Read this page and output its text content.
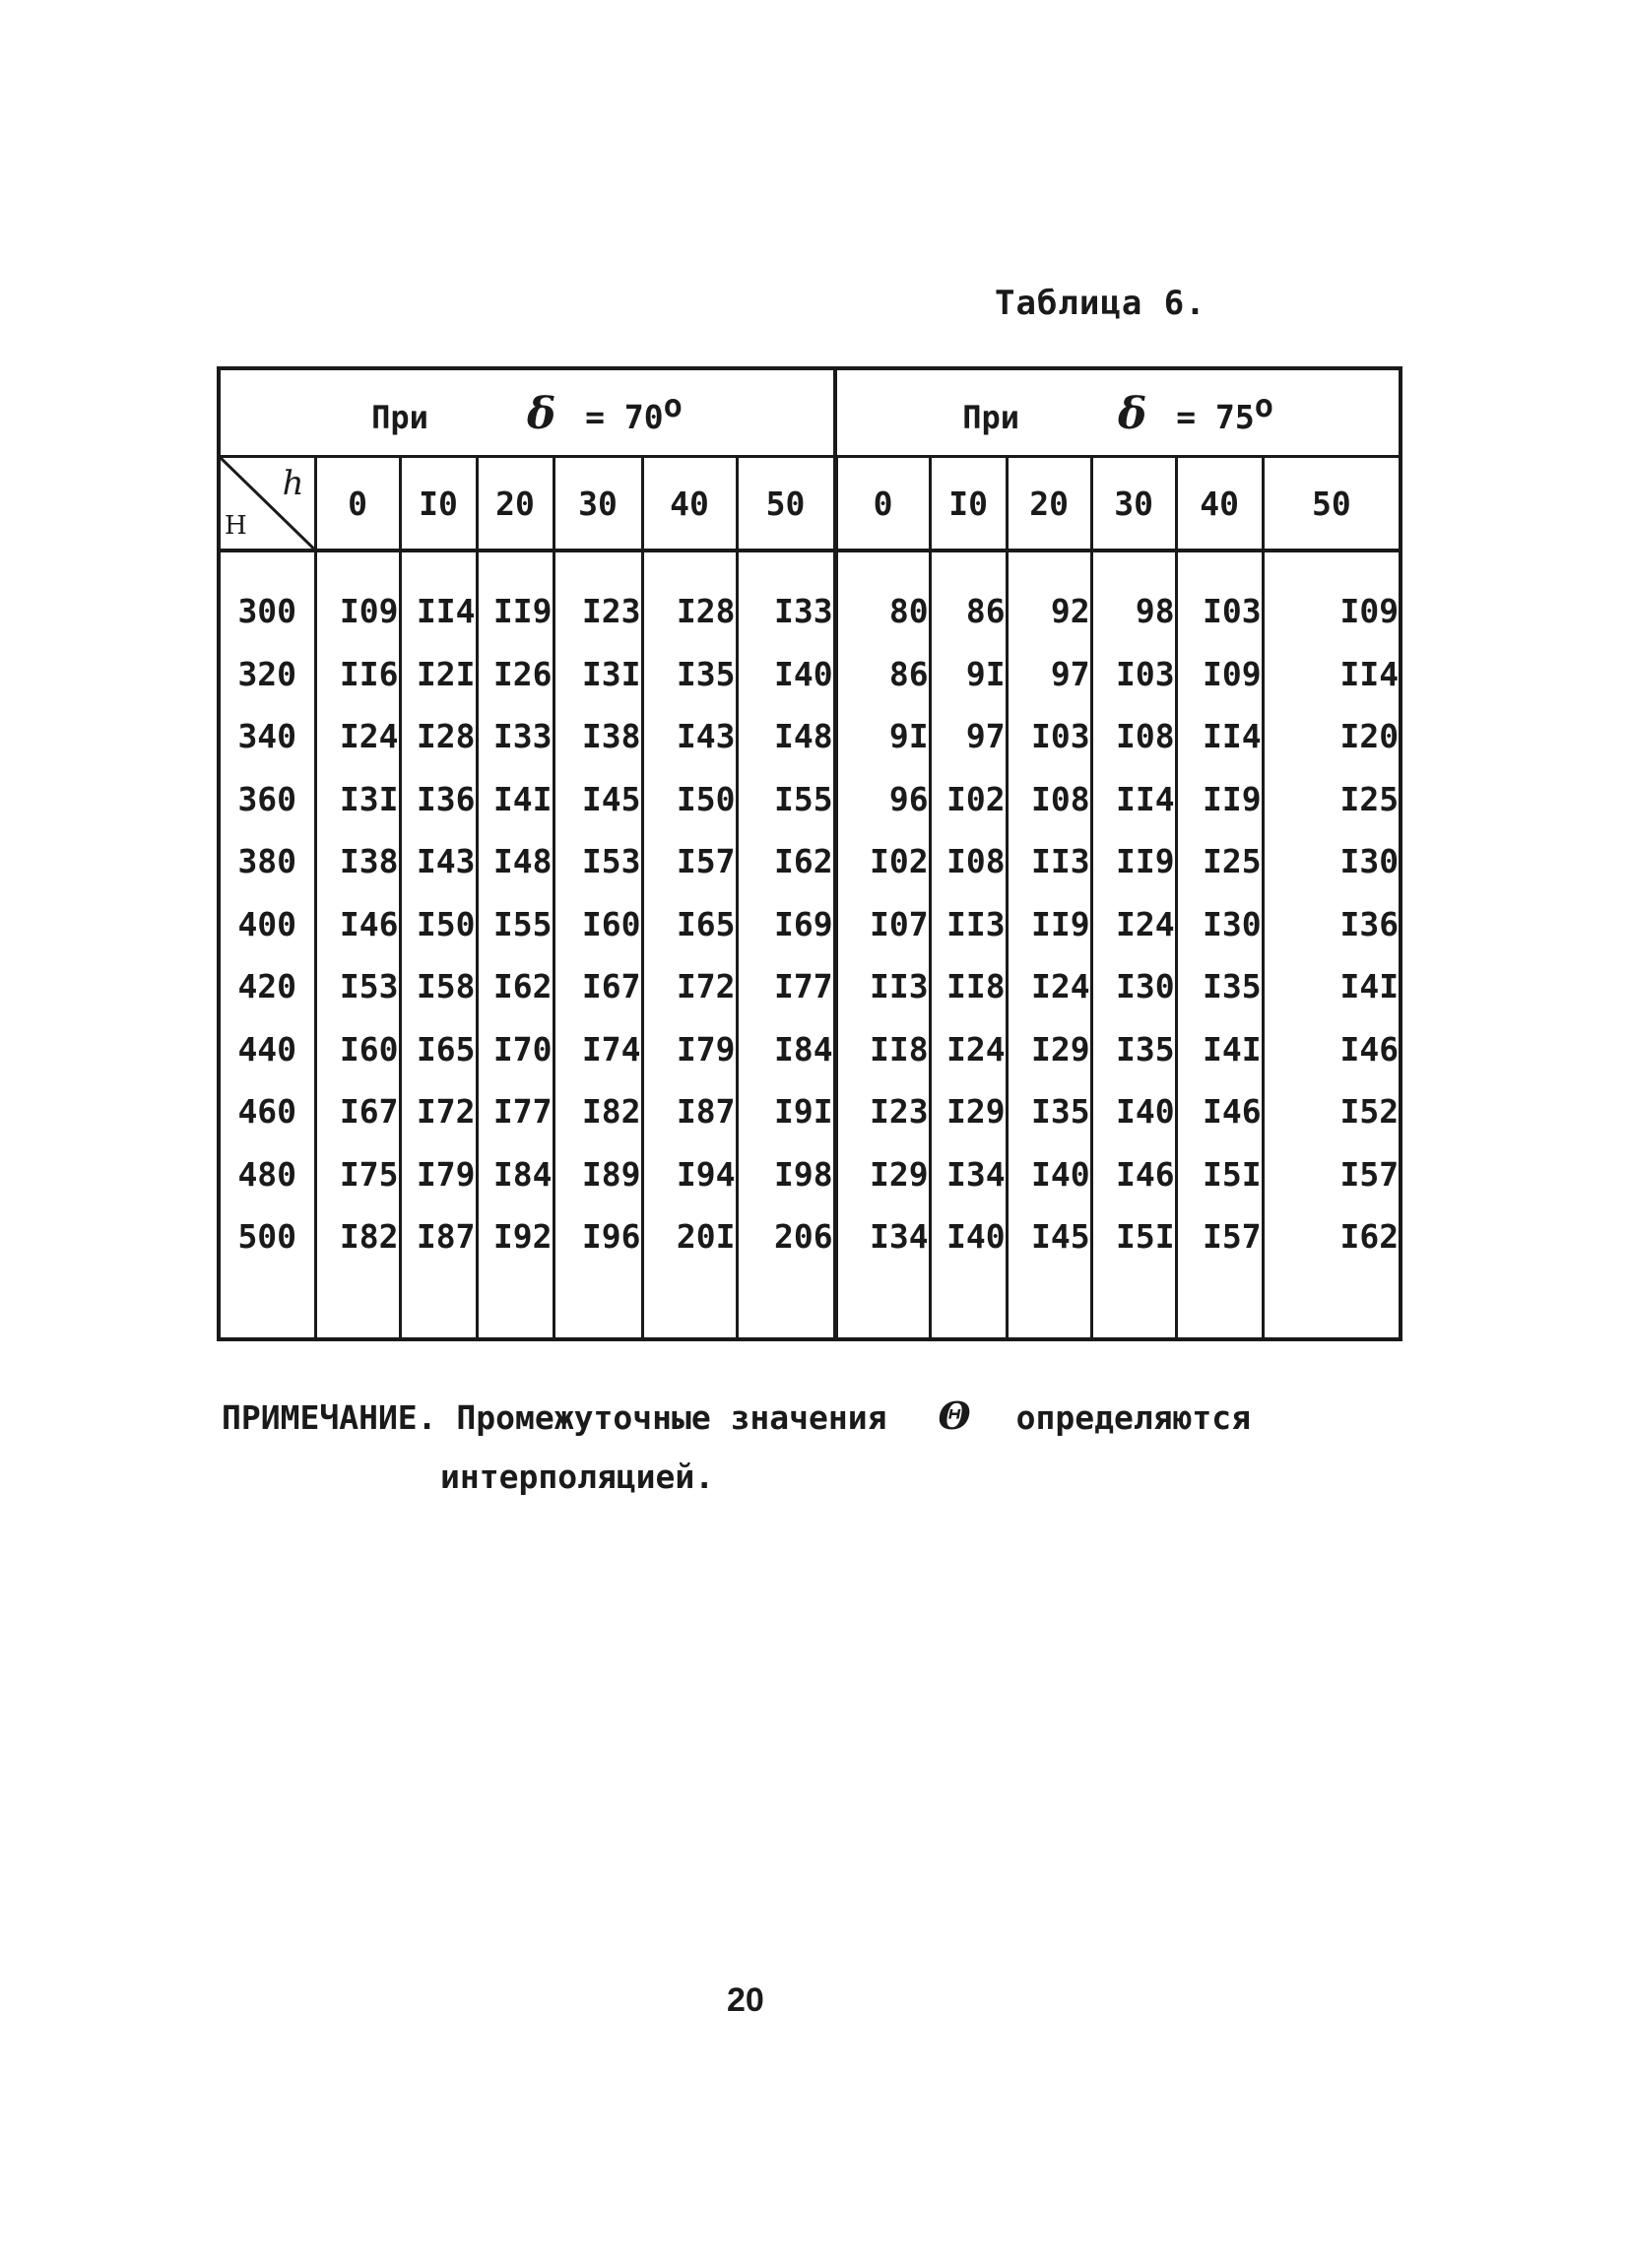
Таблица 6.
При $\delta = 70^о$							При $\delta = 75^о$

h
H	0	I0	20	30	40	50	0	I0	20	30	40	50
300	I09	II4	II9	I23	I28	I33	80	86	92	98	I03	I09
320	II6	I2I	I26	I3I	I35	I40	86	9I	97	I03	I09	II4
340	I24	I28	I33	I38	I43	I48	9I	97	I03	I08	II4	I20
360	I3I	I36	I4I	I45	I50	I55	96	I02	I08	II4	II9	I25
380	I38	I43	I48	I53	I57	I62	I02	I08	II3	II9	I25	I30
400	I46	I50	I55	I60	I65	I69	I07	II3	II9	I24	I30	I36
420	I53	I58	I62	I67	I72	I77	II3	II8	I24	I30	I35	I4I
440	I60	I65	I70	I74	I79	I84	II8	I24	I29	I35	I4I	I46
460	I67	I72	I77	I82	I87	I9I	I23	I29	I35	I40	I46	I52
480	I75	I79	I84	I89	I94	I98	I29	I34	I40	I46	I5I	I57
500	I82	I87	I92	I96	20I	206	I34	I40	I45	I5I	I57	I62

ПРИМЕЧАНИЕ. Промежуточные значения Θ определяются
интерполяцией.
20
